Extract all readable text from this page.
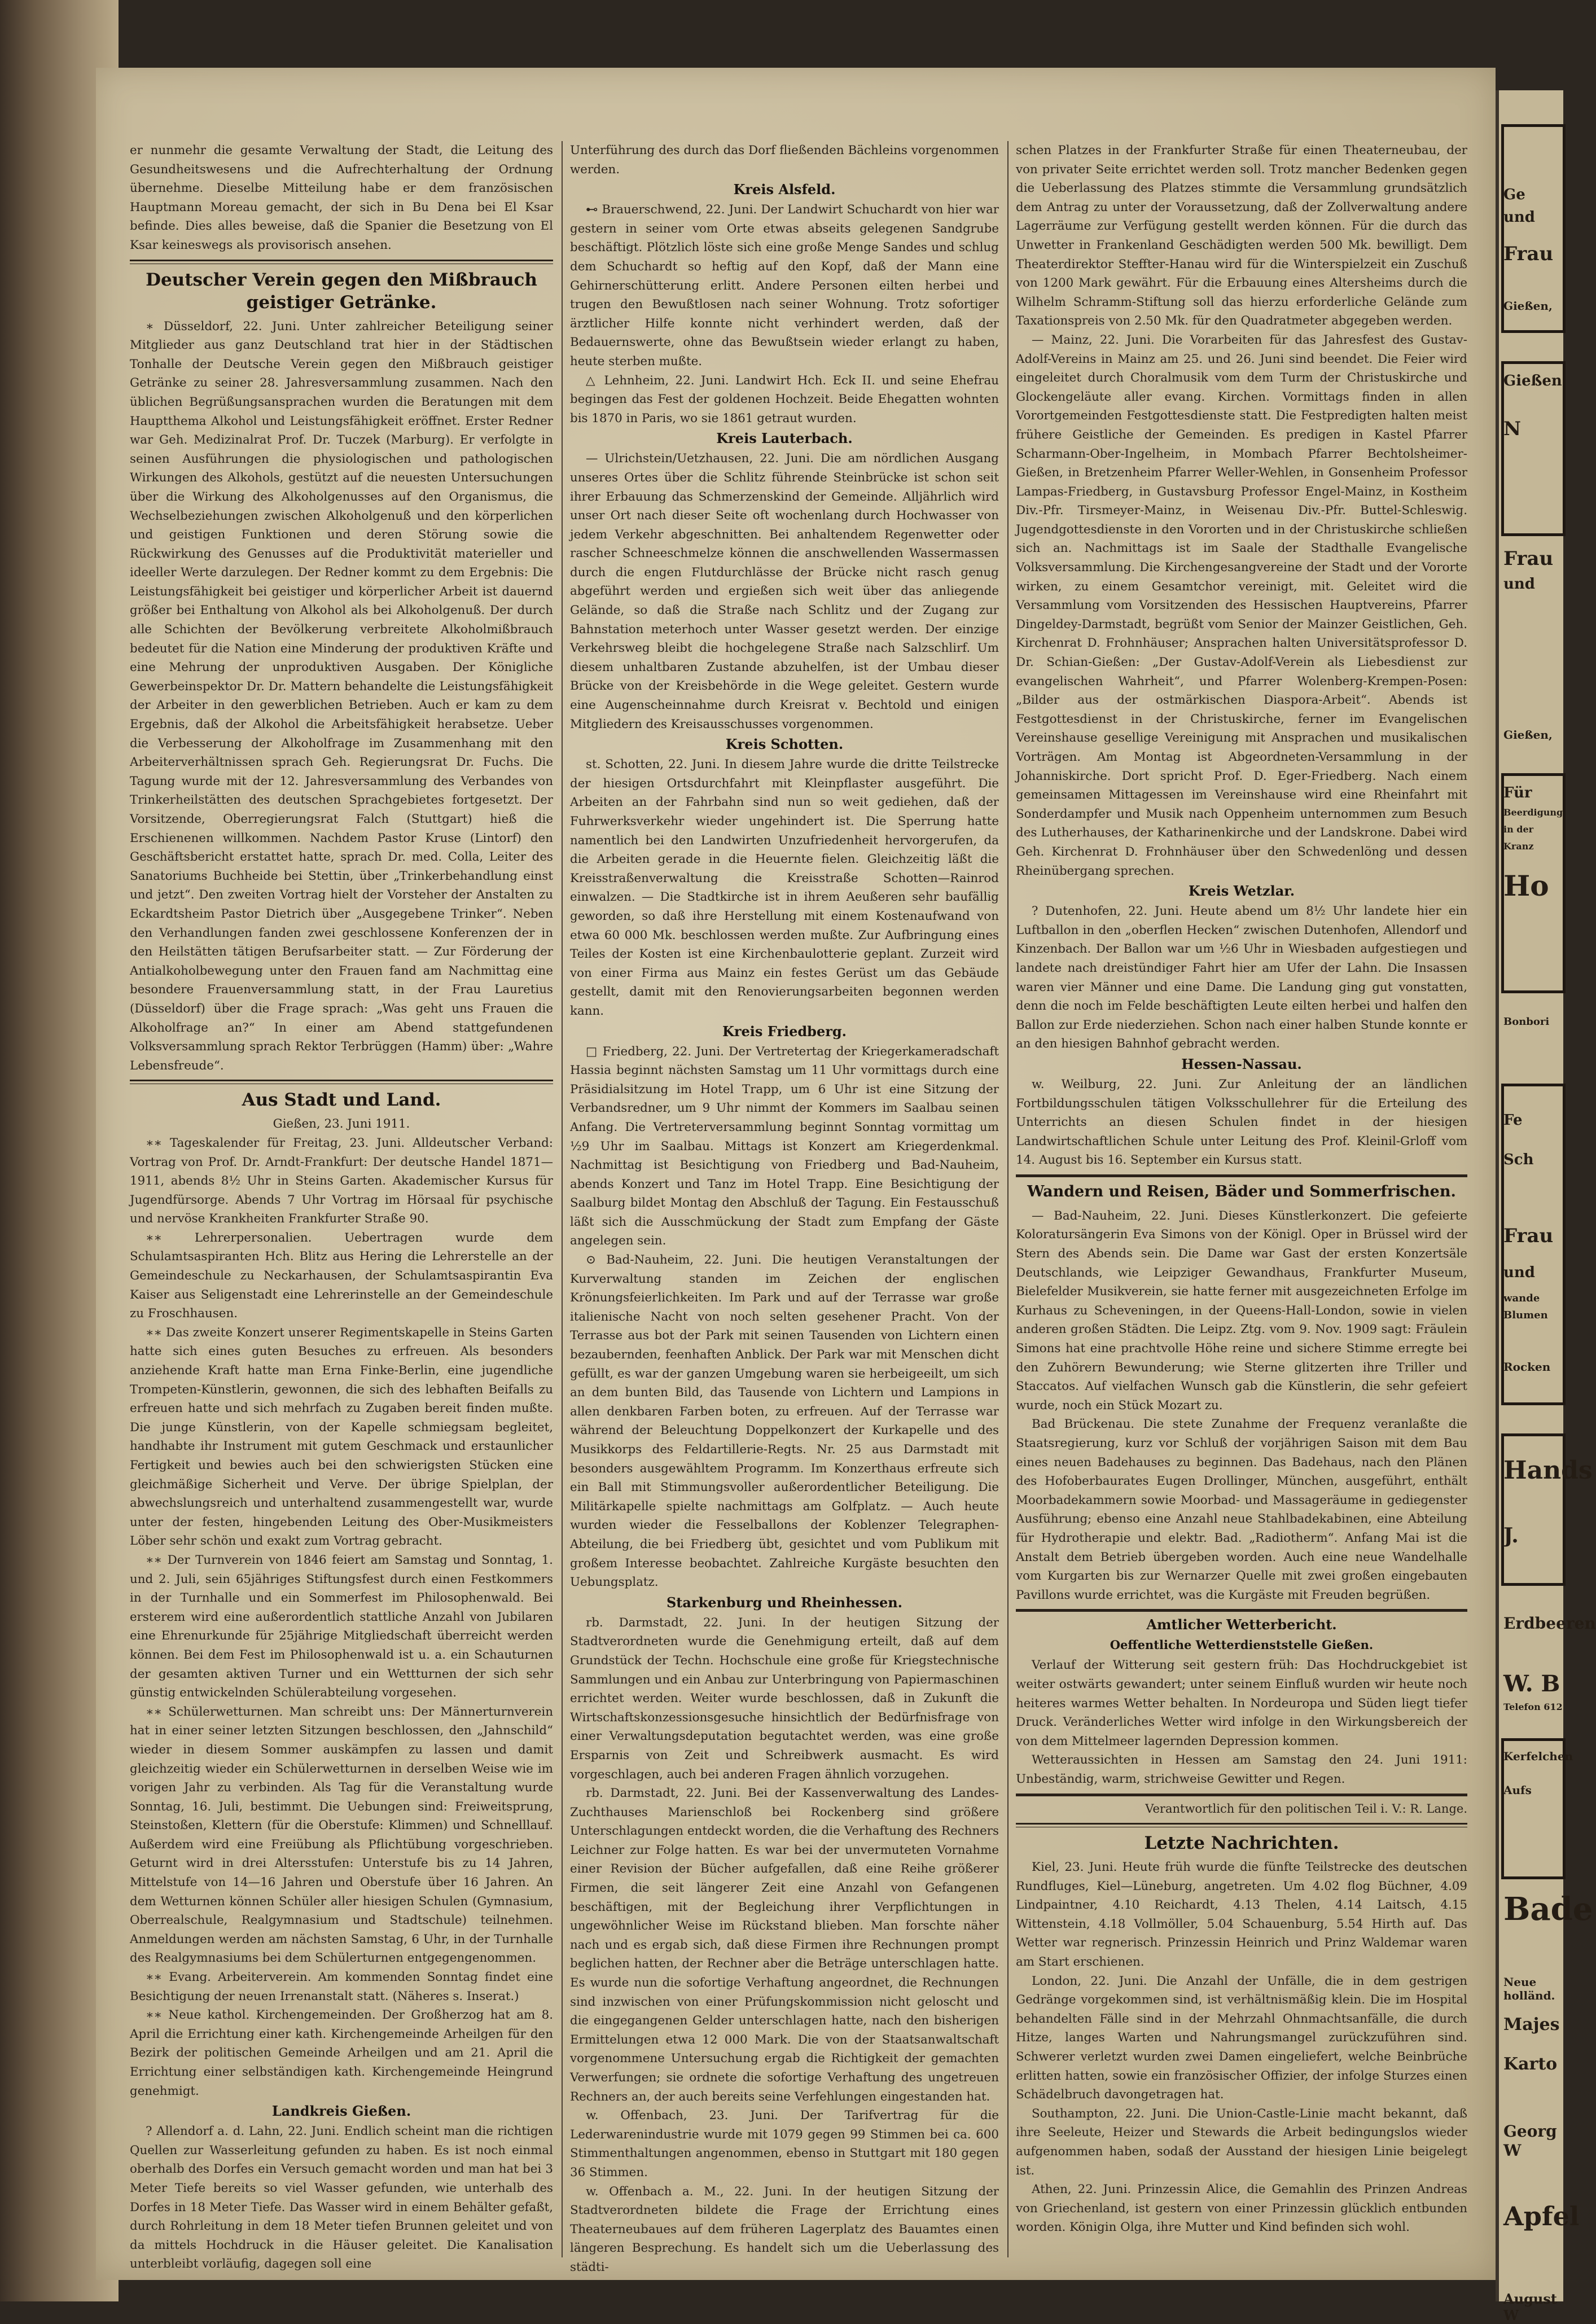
er nunmehr die gesamte Verwaltung der Stadt, die Leitung des Gesundheitswesens und die Aufrechterhaltung der Ordnung übernehme. Dieselbe Mitteilung habe er dem französischen Hauptmann Moreau gemacht, der sich in Bu Dena bei El Ksar befinde. Dies alles beweise, daß die Spanier die Besetzung von El Ksar keineswegs als provisorisch ansehen.

Deutscher Verein gegen den Mißbrauch geistiger Getränke.

∗ Düsseldorf, 22. Juni. Unter zahlreicher Beteiligung seiner Mitglieder aus ganz Deutschland trat hier in der Städtischen Tonhalle der Deutsche Verein gegen den Mißbrauch geistiger Getränke zu seiner 28. Jahresversammlung zusammen. Nach den üblichen Begrüßungsansprachen wurden die Beratungen mit dem Hauptthema Alkohol und Leistungsfähigkeit eröffnet. Erster Redner war Geh. Medizinalrat Prof. Dr. Tuczek (Marburg). Er verfolgte in seinen Ausführungen die physiologischen und pathologischen Wirkungen des Alkohols, gestützt auf die neuesten Untersuchungen über die Wirkung des Alkoholgenusses auf den Organismus, die Wechselbeziehungen zwischen Alkoholgenuß und den körperlichen und geistigen Funktionen und deren Störung sowie die Rückwirkung des Genusses auf die Produktivität materieller und ideeller Werte darzulegen. Der Redner kommt zu dem Ergebnis: Die Leistungsfähigkeit bei geistiger und körperlicher Arbeit ist dauernd größer bei Enthaltung von Alkohol als bei Alkoholgenuß. Der durch alle Schichten der Bevölkerung verbreitete Alkoholmißbrauch bedeutet für die Nation eine Minderung der produktiven Kräfte und eine Mehrung der unproduktiven Ausgaben. Der Königliche Gewerbeinspektor Dr. Dr. Mattern behandelte die Leistungsfähigkeit der Arbeiter in den gewerblichen Betrieben. Auch er kam zu dem Ergebnis, daß der Alkohol die Arbeitsfähigkeit herabsetze. Ueber die Verbesserung der Alkoholfrage im Zusammenhang mit den Arbeiterverhältnissen sprach Geh. Regierungsrat Dr. Fuchs. Die Tagung wurde mit der 12. Jahresversammlung des Verbandes von Trinkerheilstätten des deutschen Sprachgebietes fortgesetzt. Der Vorsitzende, Oberregierungsrat Falch (Stuttgart) hieß die Erschienenen willkommen. Nachdem Pastor Kruse (Lintorf) den Geschäftsbericht erstattet hatte, sprach Dr. med. Colla, Leiter des Sanatoriums Buchheide bei Stettin, über „Trinkerbehandlung einst und jetzt“. Den zweiten Vortrag hielt der Vorsteher der Anstalten zu Eckardtsheim Pastor Dietrich über „Ausgegebene Trinker“. Neben den Verhandlungen fanden zwei geschlossene Konferenzen der in den Heilstätten tätigen Berufsarbeiter statt. — Zur Förderung der Antialkoholbewegung unter den Frauen fand am Nachmittag eine besondere Frauenversammlung statt, in der Frau Lauretius (Düsseldorf) über die Frage sprach: „Was geht uns Frauen die Alkoholfrage an?“ In einer am Abend stattgefundenen Volksversammlung sprach Rektor Terbrüggen (Hamm) über: „Wahre Lebensfreude“.

Aus Stadt und Land.

Gießen, 23. Juni 1911.

∗∗ Tageskalender für Freitag, 23. Juni. Alldeutscher Verband: Vortrag von Prof. Dr. Arndt-Frankfurt: Der deutsche Handel 1871—1911, abends 8½ Uhr in Steins Garten. Akademischer Kursus für Jugendfürsorge. Abends 7 Uhr Vortrag im Hörsaal für psychische und nervöse Krankheiten Frankfurter Straße 90.

∗∗ Lehrerpersonalien. Uebertragen wurde dem Schulamtsaspiranten Hch. Blitz aus Hering die Lehrerstelle an der Gemeindeschule zu Neckarhausen, der Schulamtsaspirantin Eva Kaiser aus Seligenstadt eine Lehrerinstelle an der Gemeindeschule zu Froschhausen.

∗∗ Das zweite Konzert unserer Regimentskapelle in Steins Garten hatte sich eines guten Besuches zu erfreuen. Als besonders anziehende Kraft hatte man Erna Finke-Berlin, eine jugendliche Trompeten-Künstlerin, gewonnen, die sich des lebhaften Beifalls zu erfreuen hatte und sich mehrfach zu Zugaben bereit finden mußte. Die junge Künstlerin, von der Kapelle schmiegsam begleitet, handhabte ihr Instrument mit gutem Geschmack und erstaunlicher Fertigkeit und bewies auch bei den schwierigsten Stücken eine gleichmäßige Sicherheit und Verve. Der übrige Spielplan, der abwechslungsreich und unterhaltend zusammengestellt war, wurde unter der festen, hingebenden Leitung des Ober-Musikmeisters Löber sehr schön und exakt zum Vortrag gebracht.

∗∗ Der Turnverein von 1846 feiert am Samstag und Sonntag, 1. und 2. Juli, sein 65jähriges Stiftungsfest durch einen Festkommers in der Turnhalle und ein Sommerfest im Philosophenwald. Bei ersterem wird eine außerordentlich stattliche Anzahl von Jubilaren eine Ehrenurkunde für 25jährige Mitgliedschaft überreicht werden können. Bei dem Fest im Philosophenwald ist u. a. ein Schauturnen der gesamten aktiven Turner und ein Wettturnen der sich sehr günstig entwickelnden Schülerabteilung vorgesehen.

∗∗ Schülerwetturnen. Man schreibt uns: Der Männerturnverein hat in einer seiner letzten Sitzungen beschlossen, den „Jahnschild“ wieder in diesem Sommer auskämpfen zu lassen und damit gleichzeitig wieder ein Schülerwetturnen in derselben Weise wie im vorigen Jahr zu verbinden. Als Tag für die Veranstaltung wurde Sonntag, 16. Juli, bestimmt. Die Uebungen sind: Freiweitsprung, Steinstoßen, Klettern (für die Oberstufe: Klimmen) und Schnelllauf. Außerdem wird eine Freiübung als Pflichtübung vorgeschrieben. Geturnt wird in drei Altersstufen: Unterstufe bis zu 14 Jahren, Mittelstufe von 14—16 Jahren und Oberstufe über 16 Jahren. An dem Wetturnen können Schüler aller hiesigen Schulen (Gymnasium, Oberrealschule, Realgymnasium und Stadtschule) teilnehmen. Anmeldungen werden am nächsten Samstag, 6 Uhr, in der Turnhalle des Realgymnasiums bei dem Schülerturnen entgegengenommen.

∗∗ Evang. Arbeiterverein. Am kommenden Sonntag findet eine Besichtigung der neuen Irrenanstalt statt. (Näheres s. Inserat.)

∗∗ Neue kathol. Kirchengemeinden. Der Großherzog hat am 8. April die Errichtung einer kath. Kirchengemeinde Arheilgen für den Bezirk der politischen Gemeinde Arheilgen und am 21. April die Errichtung einer selbständigen kath. Kirchengemeinde Heingrund genehmigt.

Landkreis Gießen.

? Allendorf a. d. Lahn, 22. Juni. Endlich scheint man die richtigen Quellen zur Wasserleitung gefunden zu haben. Es ist noch einmal oberhalb des Dorfes ein Versuch gemacht worden und man hat bei 3 Meter Tiefe bereits so viel Wasser gefunden, wie unterhalb des Dorfes in 18 Meter Tiefe. Das Wasser wird in einem Behälter gefaßt, durch Rohrleitung in dem 18 Meter tiefen Brunnen geleitet und von da mittels Hochdruck in die Häuser geleitet. Die Kanalisation unterbleibt vorläufig, dagegen soll eine

Unterführung des durch das Dorf fließenden Bächleins vorgenommen werden.

Kreis Alsfeld.

⊷ Brauerschwend, 22. Juni. Der Landwirt Schuchardt von hier war gestern in seiner vom Orte etwas abseits gelegenen Sandgrube beschäftigt. Plötzlich löste sich eine große Menge Sandes und schlug dem Schuchardt so heftig auf den Kopf, daß der Mann eine Gehirnerschütterung erlitt. Andere Personen eilten herbei und trugen den Bewußtlosen nach seiner Wohnung. Trotz sofortiger ärztlicher Hilfe konnte nicht verhindert werden, daß der Bedauernswerte, ohne das Bewußtsein wieder erlangt zu haben, heute sterben mußte.

△ Lehnheim, 22. Juni. Landwirt Hch. Eck II. und seine Ehefrau begingen das Fest der goldenen Hochzeit. Beide Ehegatten wohnten bis 1870 in Paris, wo sie 1861 getraut wurden.

Kreis Lauterbach.

— Ulrichstein/Uetzhausen, 22. Juni. Die am nördlichen Ausgang unseres Ortes über die Schlitz führende Steinbrücke ist schon seit ihrer Erbauung das Schmerzenskind der Gemeinde. Alljährlich wird unser Ort nach dieser Seite oft wochenlang durch Hochwasser von jedem Verkehr abgeschnitten. Bei anhaltendem Regenwetter oder rascher Schneeschmelze können die anschwellenden Wassermassen durch die engen Flutdurchlässe der Brücke nicht rasch genug abgeführt werden und ergießen sich weit über das anliegende Gelände, so daß die Straße nach Schlitz und der Zugang zur Bahnstation meterhoch unter Wasser gesetzt werden. Der einzige Verkehrsweg bleibt die hochgelegene Straße nach Salzschlirf. Um diesem unhaltbaren Zustande abzuhelfen, ist der Umbau dieser Brücke von der Kreisbehörde in die Wege geleitet. Gestern wurde eine Augenscheinnahme durch Kreisrat v. Bechtold und einigen Mitgliedern des Kreisausschusses vorgenommen.

Kreis Schotten.

st. Schotten, 22. Juni. In diesem Jahre wurde die dritte Teilstrecke der hiesigen Ortsdurchfahrt mit Kleinpflaster ausgeführt. Die Arbeiten an der Fahrbahn sind nun so weit gediehen, daß der Fuhrwerksverkehr wieder ungehindert ist. Die Sperrung hatte namentlich bei den Landwirten Unzufriedenheit hervorgerufen, da die Arbeiten gerade in die Heuernte fielen. Gleichzeitig läßt die Kreisstraßenverwaltung die Kreisstraße Schotten—Rainrod einwalzen. — Die Stadtkirche ist in ihrem Aeußeren sehr baufällig geworden, so daß ihre Herstellung mit einem Kostenaufwand von etwa 60 000 Mk. beschlossen werden mußte. Zur Aufbringung eines Teiles der Kosten ist eine Kirchenbaulotterie geplant. Zurzeit wird von einer Firma aus Mainz ein festes Gerüst um das Gebäude gestellt, damit mit den Renovierungsarbeiten begonnen werden kann.

Kreis Friedberg.

□ Friedberg, 22. Juni. Der Vertretertag der Kriegerkameradschaft Hassia beginnt nächsten Samstag um 11 Uhr vormittags durch eine Präsidialsitzung im Hotel Trapp, um 6 Uhr ist eine Sitzung der Verbandsredner, um 9 Uhr nimmt der Kommers im Saalbau seinen Anfang. Die Vertreterversammlung beginnt Sonntag vormittag um ½9 Uhr im Saalbau. Mittags ist Konzert am Kriegerdenkmal. Nachmittag ist Besichtigung von Friedberg und Bad-Nauheim, abends Konzert und Tanz im Hotel Trapp. Eine Besichtigung der Saalburg bildet Montag den Abschluß der Tagung. Ein Festausschuß läßt sich die Ausschmückung der Stadt zum Empfang der Gäste angelegen sein.

⊙ Bad-Nauheim, 22. Juni. Die heutigen Veranstaltungen der Kurverwaltung standen im Zeichen der englischen Krönungsfeierlichkeiten. Im Park und auf der Terrasse war große italienische Nacht von noch selten gesehener Pracht. Von der Terrasse aus bot der Park mit seinen Tausenden von Lichtern einen bezaubernden, feenhaften Anblick. Der Park war mit Menschen dicht gefüllt, es war der ganzen Umgebung waren sie herbeigeeilt, um sich an dem bunten Bild, das Tausende von Lichtern und Lampions in allen denkbaren Farben boten, zu erfreuen. Auf der Terrasse war während der Beleuchtung Doppelkonzert der Kurkapelle und des Musikkorps des Feldartillerie-Regts. Nr. 25 aus Darmstadt mit besonders ausgewähltem Programm. Im Konzerthaus erfreute sich ein Ball mit Stimmungsvoller außerordentlicher Beteiligung. Die Militärkapelle spielte nachmittags am Golfplatz. — Auch heute wurden wieder die Fesselballons der Koblenzer Telegraphen-Abteilung, die bei Friedberg übt, gesichtet und vom Publikum mit großem Interesse beobachtet. Zahlreiche Kurgäste besuchten den Uebungsplatz.

Starkenburg und Rheinhessen.

rb. Darmstadt, 22. Juni. In der heutigen Sitzung der Stadtverordneten wurde die Genehmigung erteilt, daß auf dem Grundstück der Techn. Hochschule eine große für Kriegstechnische Sammlungen und ein Anbau zur Unterbringung von Papiermaschinen errichtet werden. Weiter wurde beschlossen, daß in Zukunft die Wirtschaftskonzessionsgesuche hinsichtlich der Bedürfnisfrage von einer Verwaltungsdeputation begutachtet werden, was eine große Ersparnis von Zeit und Schreibwerk ausmacht. Es wird vorgeschlagen, auch bei anderen Fragen ähnlich vorzugehen.

rb. Darmstadt, 22. Juni. Bei der Kassenverwaltung des Landes-Zuchthauses Marienschloß bei Rockenberg sind größere Unterschlagungen entdeckt worden, die die Verhaftung des Rechners Leichner zur Folge hatten. Es war bei der unvermuteten Vornahme einer Revision der Bücher aufgefallen, daß eine Reihe größerer Firmen, die seit längerer Zeit eine Anzahl von Gefangenen beschäftigen, mit der Begleichung ihrer Verpflichtungen in ungewöhnlicher Weise im Rückstand blieben. Man forschte näher nach und es ergab sich, daß diese Firmen ihre Rechnungen prompt beglichen hatten, der Rechner aber die Beträge unterschlagen hatte. Es wurde nun die sofortige Verhaftung angeordnet, die Rechnungen sind inzwischen von einer Prüfungskommission nicht geloscht und die eingegangenen Gelder unterschlagen hatte, nach den bisherigen Ermittelungen etwa 12 000 Mark. Die von der Staatsanwaltschaft vorgenommene Untersuchung ergab die Richtigkeit der gemachten Verwerfungen; sie ordnete die sofortige Verhaftung des ungetreuen Rechners an, der auch bereits seine Verfehlungen eingestanden hat.

w. Offenbach, 23. Juni. Der Tarifvertrag für die Lederwarenindustrie wurde mit 1079 gegen 99 Stimmen bei ca. 600 Stimmenthaltungen angenommen, ebenso in Stuttgart mit 180 gegen 36 Stimmen.

w. Offenbach a. M., 22. Juni. In der heutigen Sitzung der Stadtverordneten bildete die Frage der Errichtung eines Theaterneubaues auf dem früheren Lagerplatz des Bauamtes einen längeren Besprechung. Es handelt sich um die Ueberlassung des städti-

schen Platzes in der Frankfurter Straße für einen Theaterneubau, der von privater Seite errichtet werden soll. Trotz mancher Bedenken gegen die Ueberlassung des Platzes stimmte die Versammlung grundsätzlich dem Antrag zu unter der Voraussetzung, daß der Zollverwaltung andere Lagerräume zur Verfügung gestellt werden können. Für die durch das Unwetter in Frankenland Geschädigten werden 500 Mk. bewilligt. Dem Theaterdirektor Steffter-Hanau wird für die Winterspielzeit ein Zuschuß von 1200 Mark gewährt. Für die Erbauung eines Altersheims durch die Wilhelm Schramm-Stiftung soll das hierzu erforderliche Gelände zum Taxationspreis von 2.50 Mk. für den Quadratmeter abgegeben werden.

— Mainz, 22. Juni. Die Vorarbeiten für das Jahresfest des Gustav-Adolf-Vereins in Mainz am 25. und 26. Juni sind beendet. Die Feier wird eingeleitet durch Choralmusik vom dem Turm der Christuskirche und Glockengeläute aller evang. Kirchen. Vormittags finden in allen Vorortgemeinden Festgottesdienste statt. Die Festpredigten halten meist frühere Geistliche der Gemeinden. Es predigen in Kastel Pfarrer Scharmann-Ober-Ingelheim, in Mombach Pfarrer Bechtolsheimer-Gießen, in Bretzenheim Pfarrer Weller-Wehlen, in Gonsenheim Professor Lampas-Friedberg, in Gustavsburg Professor Engel-Mainz, in Kostheim Div.-Pfr. Tirsmeyer-Mainz, in Weisenau Div.-Pfr. Buttel-Schleswig. Jugendgottesdienste in den Vororten und in der Christuskirche schließen sich an. Nachmittags ist im Saale der Stadthalle Evangelische Volksversammlung. Die Kirchengesangvereine der Stadt und der Vororte wirken, zu einem Gesamtchor vereinigt, mit. Geleitet wird die Versammlung vom Vorsitzenden des Hessischen Hauptvereins, Pfarrer Dingeldey-Darmstadt, begrüßt vom Senior der Mainzer Geistlichen, Geh. Kirchenrat D. Frohnhäuser; Ansprachen halten Universitätsprofessor D. Dr. Schian-Gießen: „Der Gustav-Adolf-Verein als Liebesdienst zur evangelischen Wahrheit“, und Pfarrer Wolenberg-Krempen-Posen: „Bilder aus der ostmärkischen Diaspora-Arbeit“. Abends ist Festgottesdienst in der Christuskirche, ferner im Evangelischen Vereinshause gesellige Vereinigung mit Ansprachen und musikalischen Vorträgen. Am Montag ist Abgeordneten-Versammlung in der Johanniskirche. Dort spricht Prof. D. Eger-Friedberg. Nach einem gemeinsamen Mittagessen im Vereinshause wird eine Rheinfahrt mit Sonderdampfer und Musik nach Oppenheim unternommen zum Besuch des Lutherhauses, der Katharinenkirche und der Landskrone. Dabei wird Geh. Kirchenrat D. Frohnhäuser über den Schwedenlöng und dessen Rheinübergang sprechen.

Kreis Wetzlar.

? Dutenhofen, 22. Juni. Heute abend um 8½ Uhr landete hier ein Luftballon in den „oberflen Hecken“ zwischen Dutenhofen, Allendorf und Kinzenbach. Der Ballon war um ½6 Uhr in Wiesbaden aufgestiegen und landete nach dreistündiger Fahrt hier am Ufer der Lahn. Die Insassen waren vier Männer und eine Dame. Die Landung ging gut vonstatten, denn die noch im Felde beschäftigten Leute eilten herbei und halfen den Ballon zur Erde niederziehen. Schon nach einer halben Stunde konnte er an den hiesigen Bahnhof gebracht werden.

Hessen-Nassau.

w. Weilburg, 22. Juni. Zur Anleitung der an ländlichen Fortbildungsschulen tätigen Volksschullehrer für die Erteilung des Unterrichts an diesen Schulen findet in der hiesigen Landwirtschaftlichen Schule unter Leitung des Prof. Kleinil-Grloff vom 14. August bis 16. September ein Kursus statt.

Wandern und Reisen, Bäder und Sommerfrischen.

— Bad-Nauheim, 22. Juni. Dieses Künstlerkonzert. Die gefeierte Koloratursängerin Eva Simons von der Königl. Oper in Brüssel wird der Stern des Abends sein. Die Dame war Gast der ersten Konzertsäle Deutschlands, wie Leipziger Gewandhaus, Frankfurter Museum, Bielefelder Musikverein, sie hatte ferner mit ausgezeichneten Erfolge im Kurhaus zu Scheveningen, in der Queens-Hall-London, sowie in vielen anderen großen Städten. Die Leipz. Ztg. vom 9. Nov. 1909 sagt: Fräulein Simons hat eine prachtvolle Höhe reine und sichere Stimme erregte bei den Zuhörern Bewunderung; wie Sterne glitzerten ihre Triller und Staccatos. Auf vielfachen Wunsch gab die Künstlerin, die sehr gefeiert wurde, noch ein Stück Mozart zu.

Bad Brückenau. Die stete Zunahme der Frequenz veranlaßte die Staatsregierung, kurz vor Schluß der vorjährigen Saison mit dem Bau eines neuen Badehauses zu beginnen. Das Badehaus, nach den Plänen des Hofoberbaurates Eugen Drollinger, München, ausgeführt, enthält Moorbadekammern sowie Moorbad- und Massageräume in gediegenster Ausführung; ebenso eine Anzahl neue Stahlbadekabinen, eine Abteilung für Hydrotherapie und elektr. Bad. „Radiotherm“. Anfang Mai ist die Anstalt dem Betrieb übergeben worden. Auch eine neue Wandelhalle vom Kurgarten bis zur Wernarzer Quelle mit zwei großen eingebauten Pavillons wurde errichtet, was die Kurgäste mit Freuden begrüßen.

Amtlicher Wetterbericht.
Oeffentliche Wetterdienststelle Gießen.

Verlauf der Witterung seit gestern früh: Das Hochdruckgebiet ist weiter ostwärts gewandert; unter seinem Einfluß wurden wir heute noch heiteres warmes Wetter behalten. In Nordeuropa und Süden liegt tiefer Druck. Veränderliches Wetter wird infolge in den Wirkungsbereich der von dem Mittelmeer lagernden Depression kommen.

Wetteraussichten in Hessen am Samstag den 24. Juni 1911: Unbeständig, warm, strichweise Gewitter und Regen.

Verantwortlich für den politischen Teil i. V.: R. Lange.

Letzte Nachrichten.

Kiel, 23. Juni. Heute früh wurde die fünfte Teilstrecke des deutschen Rundfluges, Kiel—Lüneburg, angetreten. Um 4.02 flog Büchner, 4.09 Lindpaintner, 4.10 Reichardt, 4.13 Thelen, 4.14 Laitsch, 4.15 Wittenstein, 4.18 Vollmöller, 5.04 Schauenburg, 5.54 Hirth auf. Das Wetter war regnerisch. Prinzessin Heinrich und Prinz Waldemar waren am Start erschienen.

London, 22. Juni. Die Anzahl der Unfälle, die in dem gestrigen Gedränge vorgekommen sind, ist verhältnismäßig klein. Die im Hospital behandelten Fälle sind in der Mehrzahl Ohnmachtsanfälle, die durch Hitze, langes Warten und Nahrungsmangel zurückzuführen sind. Schwerer verletzt wurden zwei Damen eingeliefert, welche Beinbrüche erlitten hatten, sowie ein französischer Offizier, der infolge Sturzes einen Schädelbruch davongetragen hat.

Southampton, 22. Juni. Die Union-Castle-Linie macht bekannt, daß ihre Seeleute, Heizer und Stewards die Arbeit bedingungslos wieder aufgenommen haben, sodaß der Ausstand der hiesigen Linie beigelegt ist.

Athen, 22. Juni. Prinzessin Alice, die Gemahlin des Prinzen Andreas von Griechenland, ist gestern von einer Prinzessin glücklich entbunden worden. Königin Olga, ihre Mutter und Kind befinden sich wohl.

Ge
und
Frau
Gießen,
Gießen
N
Frau
und
Gießen,
Für
Beerdigung
in der
Kranz
Ho
Bonbori
Fe
Sch
Frau
und
wande
Blumen
Rocken
Hands
J.
Erdbeeren
W. B
Telefon 612
Kerfelchen
Aufs
Bade
Neue holländ.
Majes
Karto
Georg W
Apfel
August W
